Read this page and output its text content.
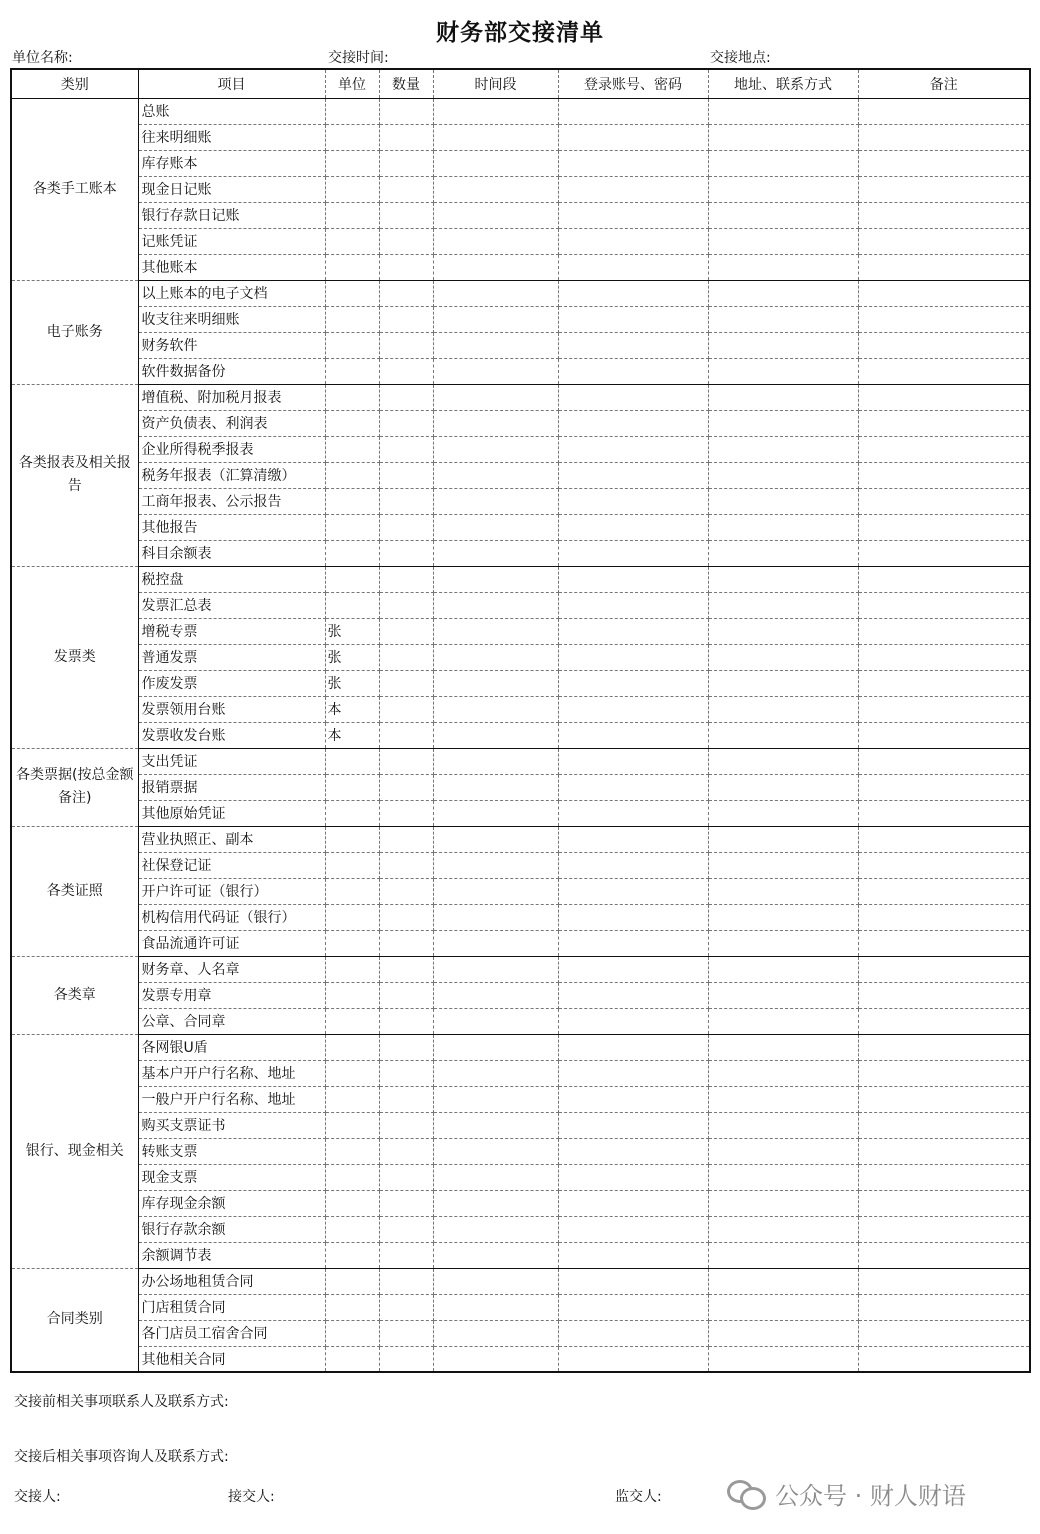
财务部交接清单
单位名称:	交接时间:	交接地点:
类别	项目	单位	数量	时间段	登录账号、密码	地址、联系方式	备注
各类手工账本	总账						
	往来明细账						
	库存账本						
	现金日记账						
	银行存款日记账						
	记账凭证						
	其他账本						
电子账务	以上账本的电子文档						
	收支往来明细账						
	财务软件						
	软件数据备份						
各类报表及相关报告	增值税、附加税月报表						
	资产负债表、利润表						
	企业所得税季报表						
	税务年报表（汇算清缴）						
	工商年报表、公示报告						
	其他报告						
	科目余额表						
发票类	税控盘						
	发票汇总表						
	增税专票	张					
	普通发票	张					
	作废发票	张					
	发票领用台账	本					
	发票收发台账	本					
各类票据(按总金额备注)	支出凭证						
	报销票据						
	其他原始凭证						
各类证照	营业执照正、副本						
	社保登记证						
	开户许可证（银行）						
	机构信用代码证（银行）						
	食品流通许可证						
各类章	财务章、人名章						
	发票专用章						
	公章、合同章						
银行、现金相关	各网银U盾						
	基本户开户行名称、地址						
	一般户开户行名称、地址						
	购买支票证书						
	转账支票						
	现金支票						
	库存现金余额						
	银行存款余额						
	余额调节表						
合同类别	办公场地租赁合同						
	门店租赁合同						
	各门店员工宿舍合同						
	其他相关合同						
交接前相关事项联系人及联系方式:
交接后相关事项咨询人及联系方式:
交接人:	接交人:	监交人:	公众号 · 财人财语
